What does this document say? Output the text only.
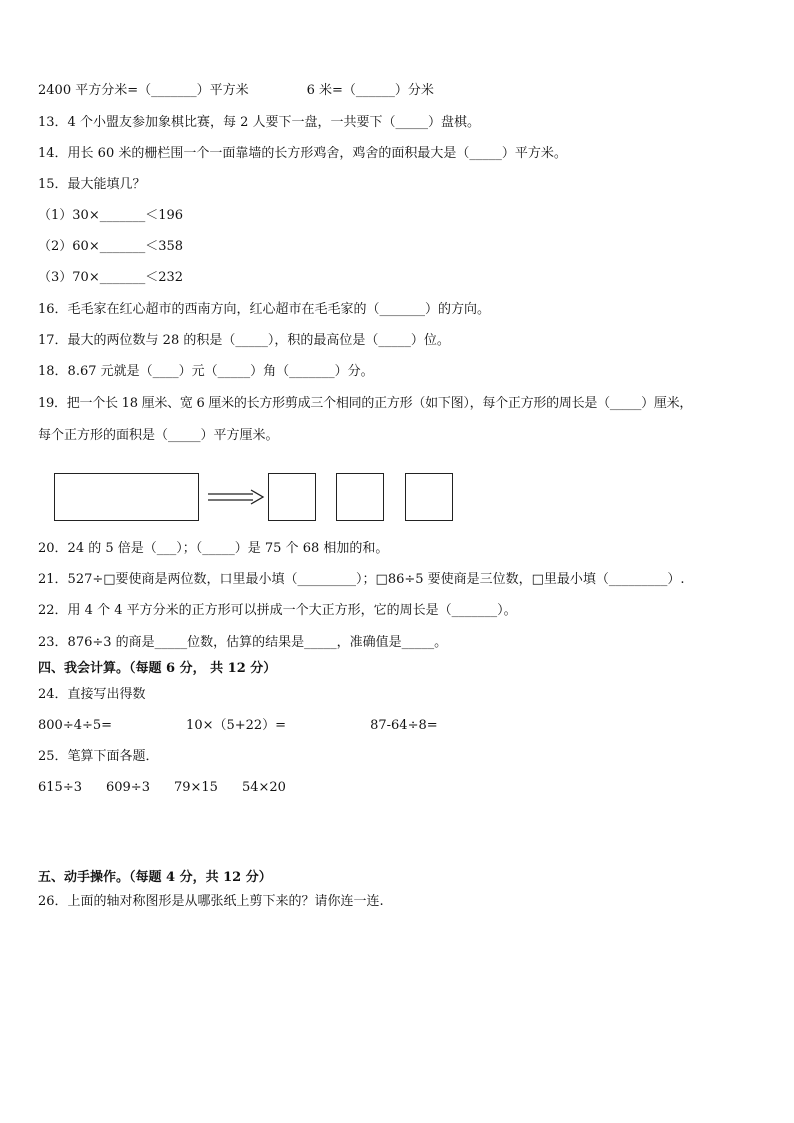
2400 平方分米=（_______）平方米	6 米=（______）分米
13．4 个小盟友参加象棋比赛，每 2 人要下一盘，一共要下（_____）盘棋。
14．用长 60 米的栅栏围一个一面靠墙的长方形鸡舍，鸡舍的面积最大是（_____）平方米。
15．最大能填几？
（1）30×_______＜196
（2）60×_______＜358
（3）70×_______＜232
16．毛毛家在红心超市的西南方向，红心超市在毛毛家的（_______）的方向。
17．最大的两位数与 28 的积是（_____），积的最高位是（_____）位。
18．8.67 元就是（____）元（_____）角（_______）分。
19．把一个长 18 厘米、宽 6 厘米的长方形剪成三个相同的正方形（如下图），每个正方形的周长是（_____）厘米，
每个正方形的面积是（_____）平方厘米。
20．24 的 5 倍是（___）；（_____）是 75 个 68 相加的和。
21．527÷□要使商是两位数，口里最小填（_________）；□86÷5 要使商是三位数，□里最小填（_________）.
22．用 4 个 4 平方分米的正方形可以拼成一个大正方形，它的周长是（_______）。
23．876÷3 的商是_____位数，估算的结果是_____，准确值是_____。
四、我会计算。（每题 6 分， 共 12 分）
24．直接写出得数
800÷4÷5=	10×（5+22）=	87-64÷8=
25．笔算下面各题．
615÷3 609÷3 79×15 54×20
五、动手操作。（每题 4 分，共 12 分）
26．上面的轴对称图形是从哪张纸上剪下来的？请你连一连.
